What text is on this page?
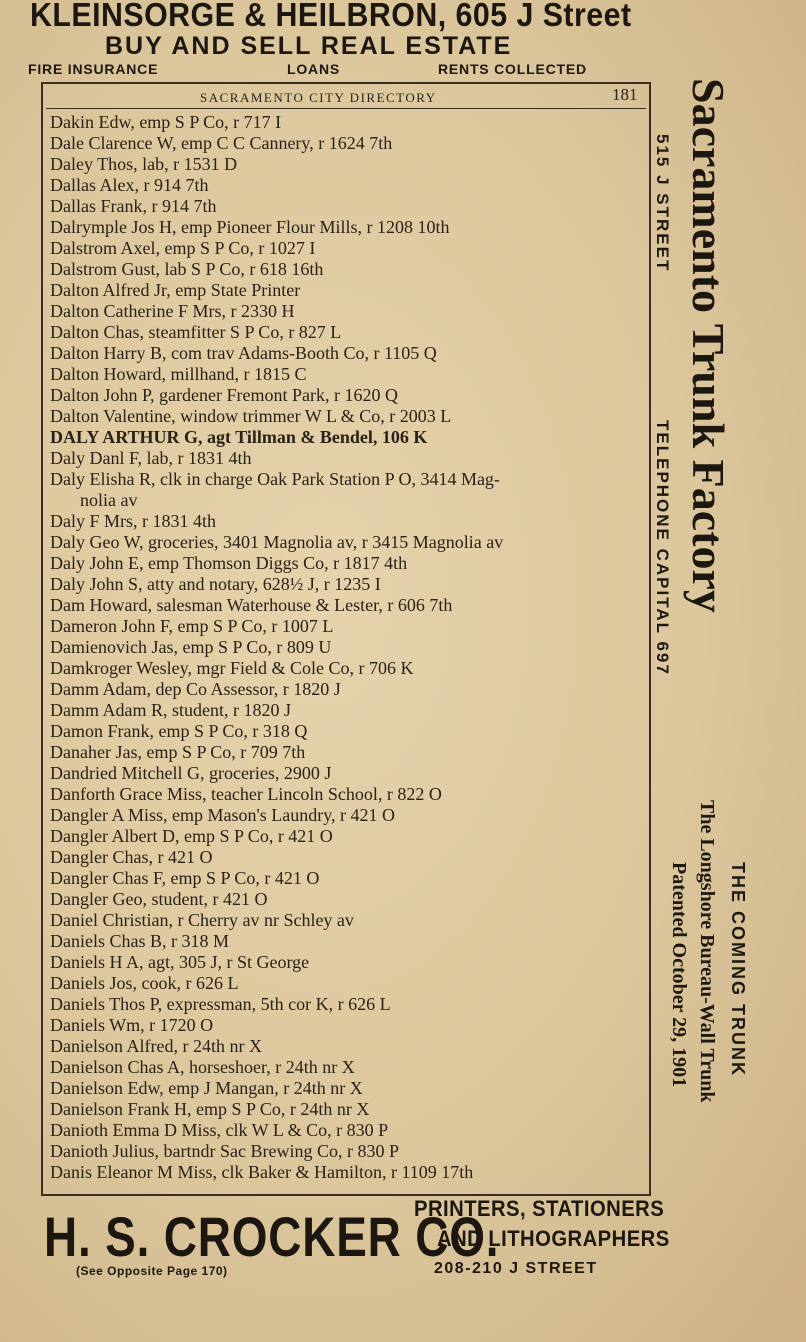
KLEINSORGE & HEILBRON, 605 J Street
BUY AND SELL REAL ESTATE
FIRE INSURANCE	LOANS	RENTS COLLECTED
SACRAMENTO CITY DIRECTORY	181
Dakin Edw, emp S P Co, r 717 I
Dale Clarence W, emp C C Cannery, r 1624 7th
Daley Thos, lab, r 1531 D
Dallas Alex, r 914 7th
Dallas Frank, r 914 7th
Dalrymple Jos H, emp Pioneer Flour Mills, r 1208 10th
Dalstrom Axel, emp S P Co, r 1027 I
Dalstrom Gust, lab S P Co, r 618 16th
Dalton Alfred Jr, emp State Printer
Dalton Catherine F Mrs, r 2330 H
Dalton Chas, steamfitter S P Co, r 827 L
Dalton Harry B, com trav Adams-Booth Co, r 1105 Q
Dalton Howard, millhand, r 1815 C
Dalton John P, gardener Fremont Park, r 1620 Q
Dalton Valentine, window trimmer W L & Co, r 2003 L
DALY ARTHUR G, agt Tillman & Bendel, 106 K
Daly Danl F, lab, r 1831 4th
Daly Elisha R, clk in charge Oak Park Station P O, 3414 Mag-
nolia av
Daly F Mrs, r 1831 4th
Daly Geo W, groceries, 3401 Magnolia av, r 3415 Magnolia av
Daly John E, emp Thomson Diggs Co, r 1817 4th
Daly John S, atty and notary, 628½ J, r 1235 I
Dam Howard, salesman Waterhouse & Lester, r 606 7th
Dameron John F, emp S P Co, r 1007 L
Damienovich Jas, emp S P Co, r 809 U
Damkroger Wesley, mgr Field & Cole Co, r 706 K
Damm Adam, dep Co Assessor, r 1820 J
Damm Adam R, student, r 1820 J
Damon Frank, emp S P Co, r 318 Q
Danaher Jas, emp S P Co, r 709 7th
Dandried Mitchell G, groceries, 2900 J
Danforth Grace Miss, teacher Lincoln School, r 822 O
Dangler A Miss, emp Mason's Laundry, r 421 O
Dangler Albert D, emp S P Co, r 421 O
Dangler Chas, r 421 O
Dangler Chas F, emp S P Co, r 421 O
Dangler Geo, student, r 421 O
Daniel Christian, r Cherry av nr Schley av
Daniels Chas B, r 318 M
Daniels H A, agt, 305 J, r St George
Daniels Jos, cook, r 626 L
Daniels Thos P, expressman, 5th cor K, r 626 L
Daniels Wm, r 1720 O
Danielson Alfred, r 24th nr X
Danielson Chas A, horseshoer, r 24th nr X
Danielson Edw, emp J Mangan, r 24th nr X
Danielson Frank H, emp S P Co, r 24th nr X
Danioth Emma D Miss, clk W L & Co, r 830 P
Danioth Julius, bartndr Sac Brewing Co, r 830 P
Danis Eleanor M Miss, clk Baker & Hamilton, r 1109 17th
Sacramento Trunk Factory
515 J STREET
TELEPHONE CAPITAL 697
THE COMING TRUNK
The Longshore Bureau-Wall Trunk
Patented October 29, 1901
H. S. CROCKER CO.
PRINTERS, STATIONERS
AND LITHOGRAPHERS
(See Opposite Page 170)	208-210 J STREET
